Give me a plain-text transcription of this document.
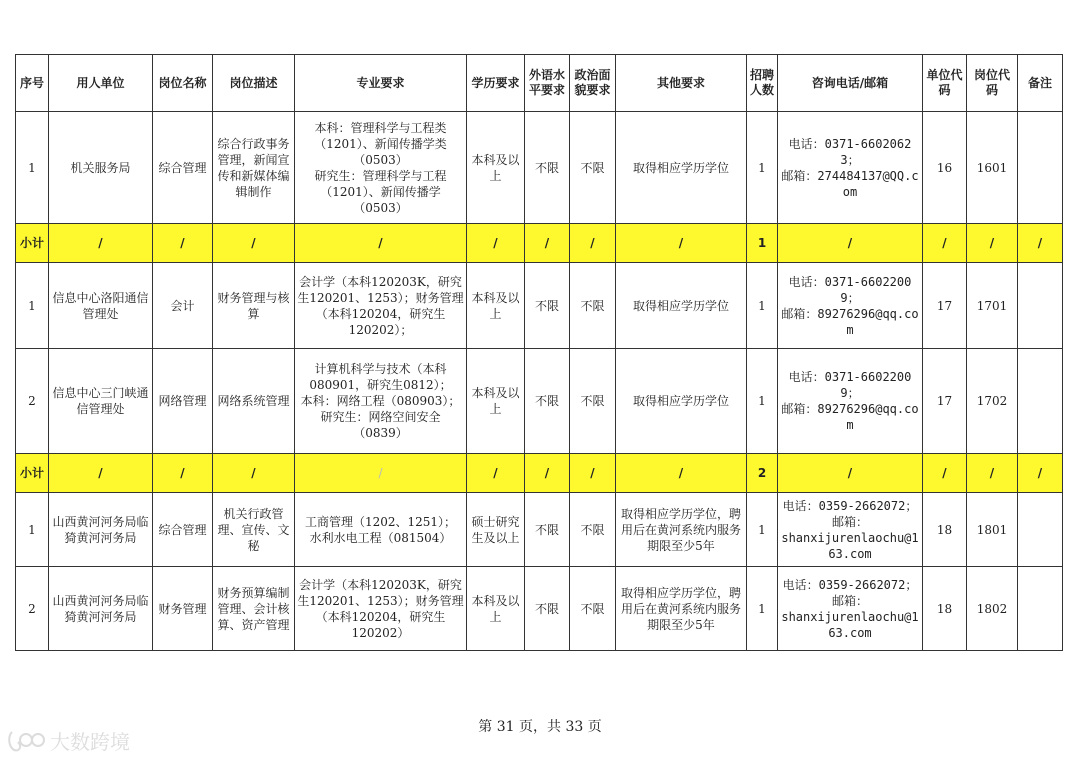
序号	用人单位	岗位名称	岗位描述	专业要求	学历要求	外语水平要求	政治面貌要求	其他要求	招聘人数	咨询电话/邮箱	单位代码	岗位代码	备注
1	机关服务局	综合管理	综合行政事务管理，新闻宣传和新媒体编辑制作	本科：管理科学与工程类（1201）、新闻传播学类（0503）
研究生：管理科学与工程（1201）、新闻传播学（0503）	本科及以上	不限	不限	取得相应学历学位	1	电话：0371-66020623；
邮箱：274484137@QQ.com	16	1601	
小计	/	/	/	/	/	/	/	/	1	/	/	/	/
1	信息中心洛阳通信管理处	会计	财务管理与核算	会计学（本科120203K，研究生120201、1253）；财务管理（本科120204，研究生120202）；	本科及以上	不限	不限	取得相应学历学位	1	电话：0371-66022009；
邮箱：89276296@qq.com	17	1701	
2	信息中心三门峡通信管理处	网络管理	网络系统管理	计算机科学与技术（本科080901，研究生0812）；
本科：网络工程（080903）；
研究生：网络空间安全（0839）	本科及以上	不限	不限	取得相应学历学位	1	电话：0371-66022009；
邮箱：89276296@qq.com	17	1702	
小计	/	/	/	/	/	/	/	/	2	/	/	/	/
1	山西黄河河务局临猗黄河河务局	综合管理	机关行政管理、宣传、文秘	工商管理（1202、1251）；
水利水电工程（081504）	硕士研究生及以上	不限	不限	取得相应学历学位，聘用后在黄河系统内服务期限至少5年	1	电话：0359-2662072；
邮箱：
shanxijurenlaochu@163.com	18	1801	
2	山西黄河河务局临猗黄河河务局	财务管理	财务预算编制管理、会计核算、资产管理	会计学（本科120203K，研究生120201、1253）；财务管理（本科120204，研究生120202）	本科及以上	不限	不限	取得相应学历学位，聘用后在黄河系统内服务期限至少5年	1	电话：0359-2662072；
邮箱：
shanxijurenlaochu@163.com	18	1802	
第 31 页，共 33 页
大数跨境
